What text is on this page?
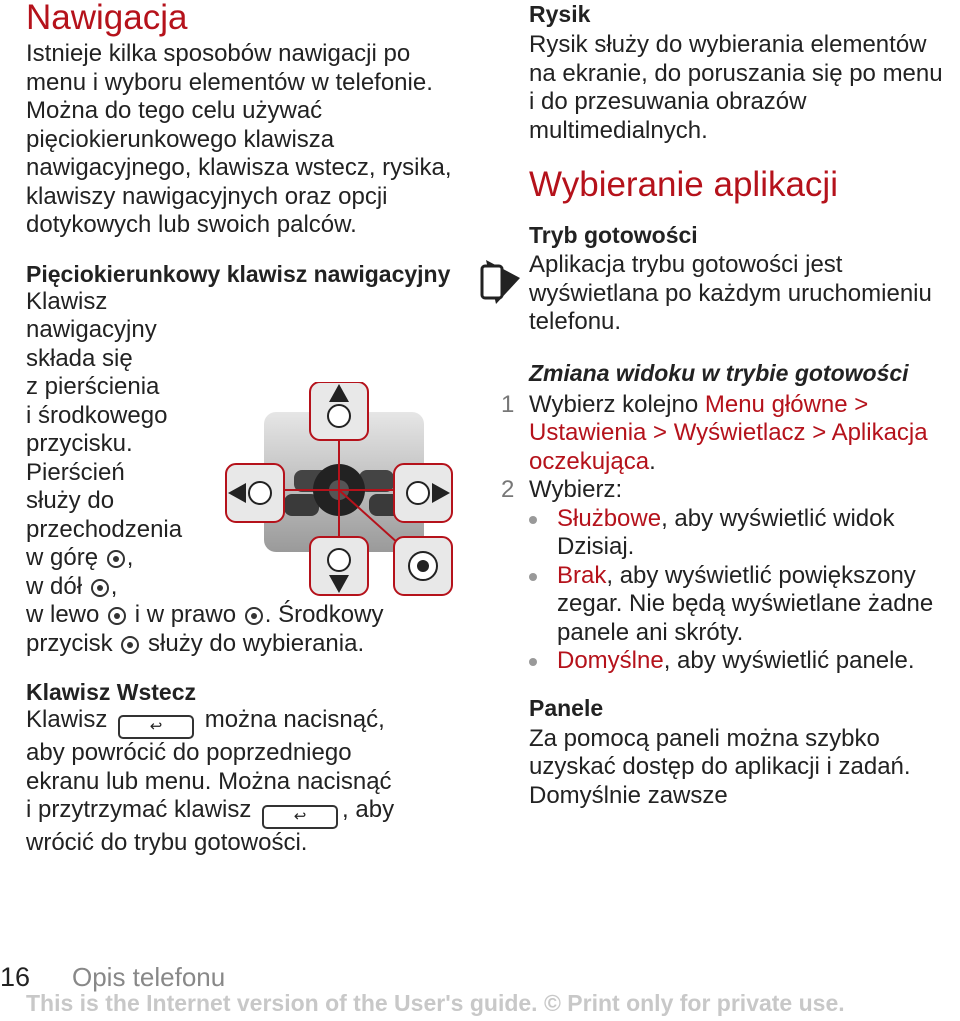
Nawigacja

Istnieje kilka sposobów nawigacji po menu i wyboru elementów w telefonie. Można do tego celu używać pięciokierunkowego klawisza nawigacyjnego, klawisza wstecz, rysika, klawiszy nawigacyjnych oraz opcji dotykowych lub swoich palców.

Pięciokierunkowy klawisz nawigacyjny

Klawisz

nawigacyjny

składa się

z pierścienia

i środkowego

przycisku.

Pierścień

służy do

przechodzenia

w górę ,

w dół ,

w lewo i w prawo . Środkowy

przycisk służy do wybierania.

Klawisz Wstecz

Klawisz	↩ można nacisnąć,

aby powrócić do poprzedniego

ekranu lub menu. Można nacisnąć

i przytrzymać klawisz	↩ , aby

wrócić do trybu gotowości.

Rysik

Rysik służy do wybierania elementów na ekranie, do poruszania się po menu i do przesuwania obrazów multimedialnych.

Wybieranie aplikacji
Tryb gotowości

Aplikacja trybu gotowości jest wyświetlana po każdym uruchomieniu telefonu.

Zmiana widoku w trybie gotowości
1 Wybierz kolejno Menu główne > Ustawienia > Wyświetlacz > Aplikacja oczekująca.
2 Wybierz:
Służbowe, aby wyświetlić widok Dzisiaj.
Brak, aby wyświetlić powiększony zegar. Nie będą wyświetlane żadne panele ani skróty.
Domyślne, aby wyświetlić panele.
Panele

Za pomocą paneli można szybko uzyskać dostęp do aplikacji i zadań. Domyślnie zawsze

16 Opis telefonu
This is the Internet version of the User's guide. © Print only for private use.
